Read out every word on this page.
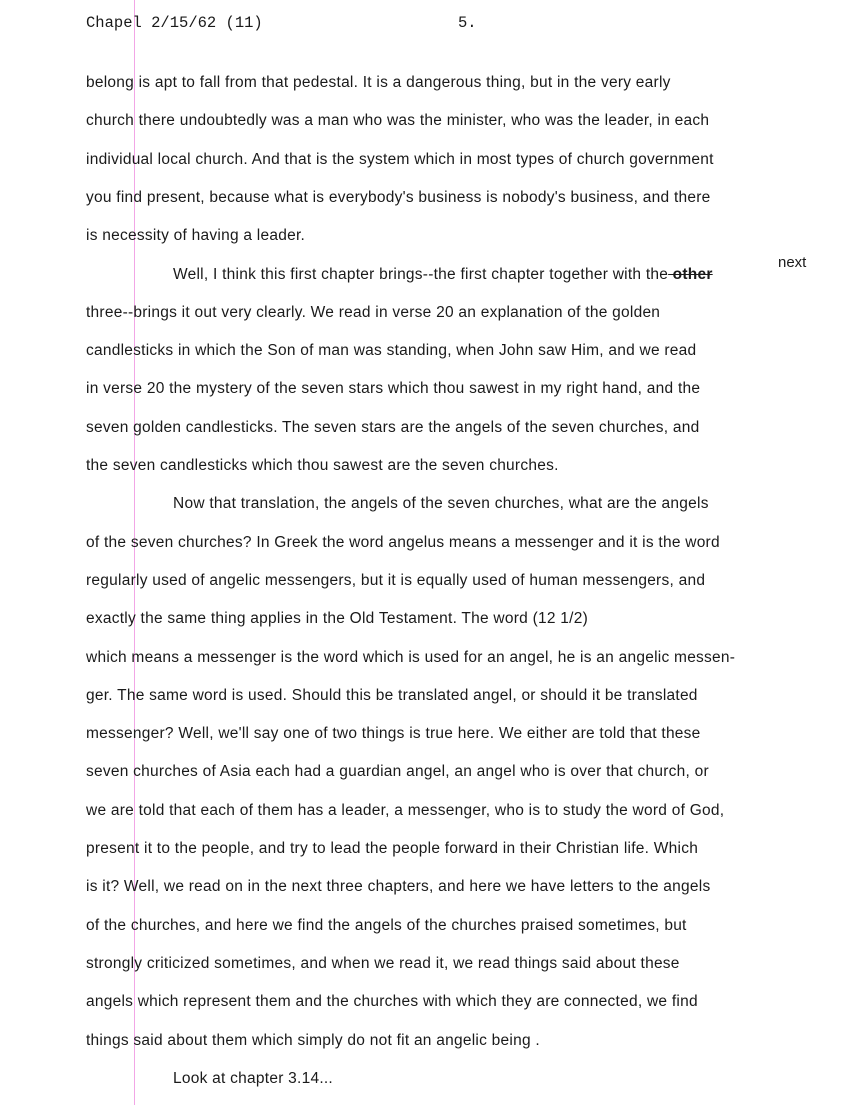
Chapel 2/15/62 (11)	5.
belong is apt to fall from that pedestal. It is a dangerous thing, but in the very early
church there undoubtedly was a man who was the minister, who was the leader, in each
individual local church. And that is the system which in most types of church government
you find present, because what is everybody's business is nobody's business, and there
is necessity of having a leader.
Well, I think this first chapter brings--the first chapter together with the other
next
three--brings it out very clearly. We read in verse 20 an explanation of the golden
candlesticks in which the Son of man was standing, when John saw Him, and we read
in verse 20 the mystery of the seven stars which thou sawest in my right hand, and the
seven golden candlesticks. The seven stars are the angels of the seven churches, and
the seven candlesticks which thou sawest are the seven churches.
Now that translation, the angels of the seven churches, what are the angels
of the seven churches? In Greek the word angelus means a messenger and it is the word
regularly used of angelic messengers, but it is equally used of human messengers, and
exactly the same thing applies in the Old Testament. The word (12 1/2)
which means a messenger is the word which is used for an angel, he is an angelic messen-
ger. The same word is used. Should this be translated angel, or should it be translated
messenger? Well, we'll say one of two things is true here. We either are told that these
seven churches of Asia each had a guardian angel, an angel who is over that church, or
we are told that each of them has a leader, a messenger, who is to study the word of God,
present it to the people, and try to lead the people forward in their Christian life. Which
is it? Well, we read on in the next three chapters, and here we have letters to the angels
of the churches, and here we find the angels of the churches praised sometimes, but
strongly criticized sometimes, and when we read it, we read things said about these
angels which represent them and the churches with which they are connected, we find
things said about them which simply do not fit an angelic being .
Look at chapter 3.14...
